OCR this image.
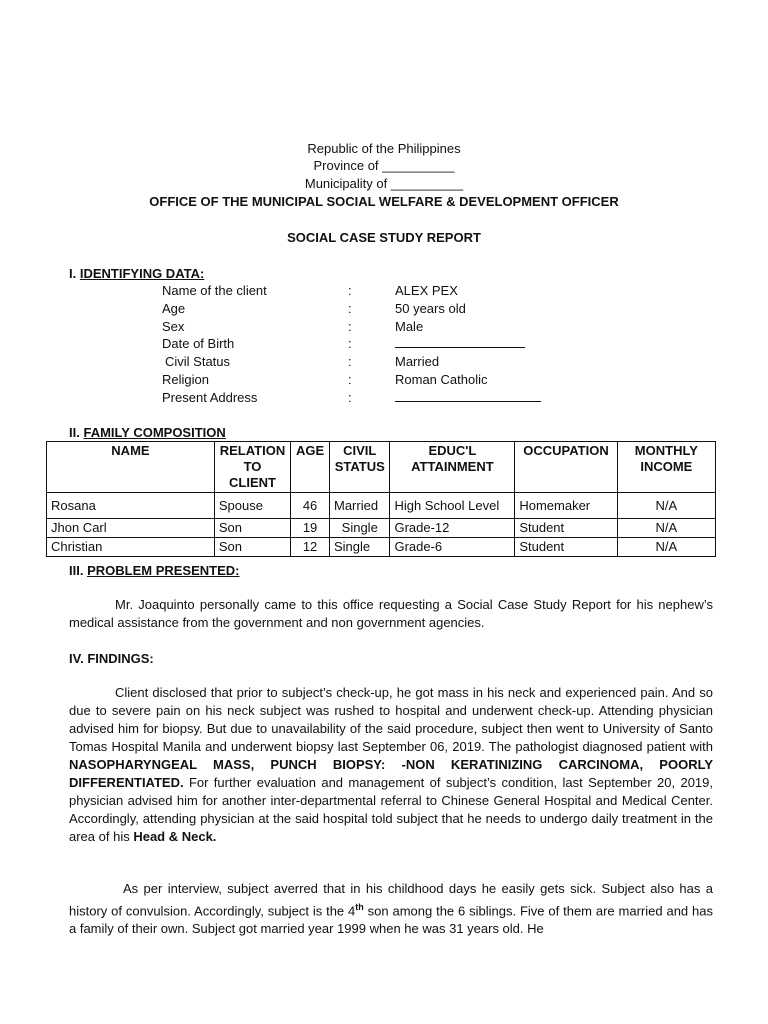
Republic of the Philippines
Province of __________
Municipality of __________
OFFICE OF THE MUNICIPAL SOCIAL WELFARE & DEVELOPMENT OFFICER
SOCIAL CASE STUDY REPORT
I. IDENTIFYING DATA:
Name of the client	:	ALEX PEX
Age	:	50 years old
Sex	:	Male
Date of Birth	:
Civil Status	:	Married
Religion	:	Roman Catholic
Present Address	:
II. FAMILY COMPOSITION
NAME	RELATION TO CLIENT	AGE	CIVIL STATUS	EDUC'L ATTAINMENT	OCCUPATION	MONTHLY INCOME
Rosana	Spouse	46	Married	High School Level	Homemaker	N/A
Jhon Carl	Son	19	Single	Grade-12	Student	N/A
Christian	Son	12	Single	Grade-6	Student	N/A
III. PROBLEM PRESENTED:
Mr. Joaquinto personally came to this office requesting a Social Case Study Report for his nephew’s medical assistance from the government and non government agencies.
IV. FINDINGS:
Client disclosed that prior to subject’s check-up, he got mass in his neck and experienced pain. And so due to severe pain on his neck subject was rushed to hospital and underwent check-up. Attending physician advised him for biopsy. But due to unavailability of the said procedure, subject then went to University of Santo Tomas Hospital Manila and underwent biopsy last September 06, 2019. The pathologist diagnosed patient with NASOPHARYNGEAL MASS, PUNCH BIOPSY: -NON KERATINIZING CARCINOMA, POORLY DIFFERENTIATED. For further evaluation and management of subject’s condition, last September 20, 2019, physician advised him for another inter-departmental referral to Chinese General Hospital and Medical Center. Accordingly, attending physician at the said hospital told subject that he needs to undergo daily treatment in the area of his Head & Neck.
As per interview, subject averred that in his childhood days he easily gets sick. Subject also has a history of convulsion. Accordingly, subject is the 4th son among the 6 siblings. Five of them are married and has a family of their own. Subject got married year 1999 when he was 31 years old. He
